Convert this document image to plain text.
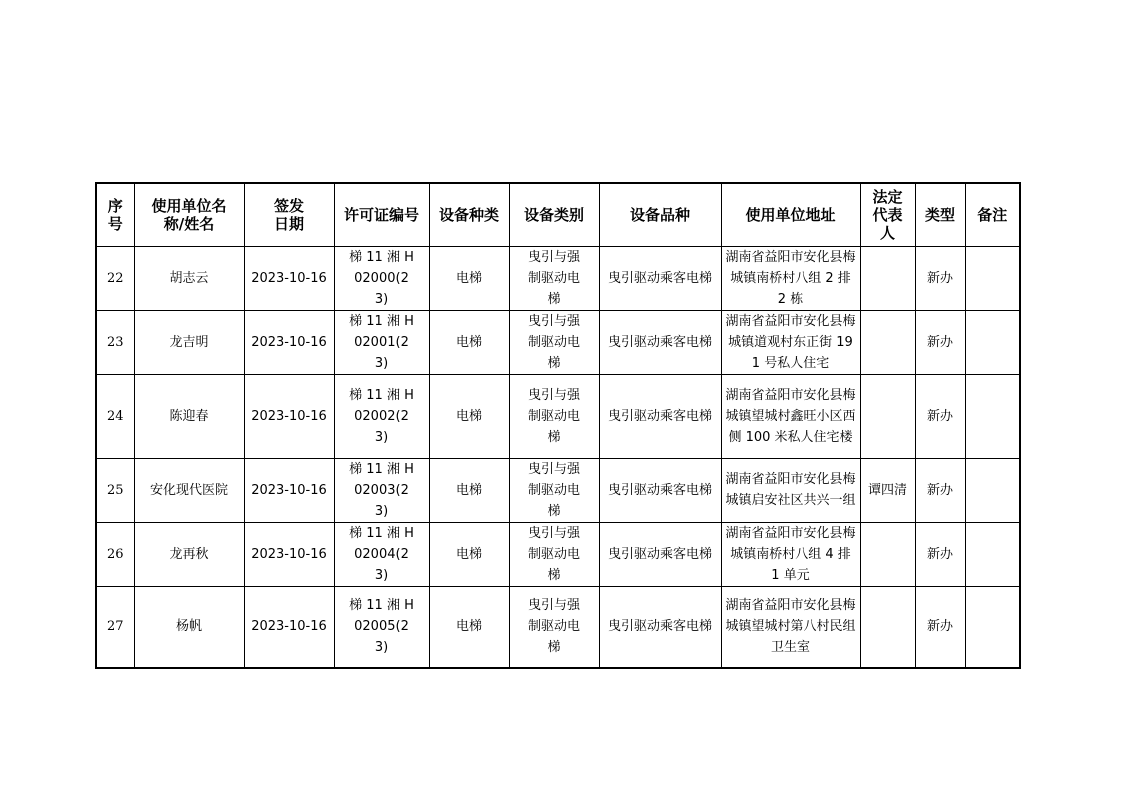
序号	使用单位名称/姓名	签发日期	许可证编号	设备种类	设备类别	设备品种	使用单位地址	法定代表人	类型	备注
22	胡志云	2023-10-16	梯 11 湘 H02000(23)	电梯	曳引与强制驱动电梯	曳引驱动乘客电梯	湖南省益阳市安化县梅城镇南桥村八组 2 排 2 栋		新办	
23	龙吉明	2023-10-16	梯 11 湘 H02001(23)	电梯	曳引与强制驱动电梯	曳引驱动乘客电梯	湖南省益阳市安化县梅城镇道观村东正街 191 号私人住宅		新办	
24	陈迎春	2023-10-16	梯 11 湘 H02002(23)	电梯	曳引与强制驱动电梯	曳引驱动乘客电梯	湖南省益阳市安化县梅城镇望城村鑫旺小区西侧 100 米私人住宅楼		新办	
25	安化现代医院	2023-10-16	梯 11 湘 H02003(23)	电梯	曳引与强制驱动电梯	曳引驱动乘客电梯	湖南省益阳市安化县梅城镇启安社区共兴一组	谭四清	新办	
26	龙再秋	2023-10-16	梯 11 湘 H02004(23)	电梯	曳引与强制驱动电梯	曳引驱动乘客电梯	湖南省益阳市安化县梅城镇南桥村八组 4 排 1 单元		新办	
27	杨帆	2023-10-16	梯 11 湘 H02005(23)	电梯	曳引与强制驱动电梯	曳引驱动乘客电梯	湖南省益阳市安化县梅城镇望城村第八村民组卫生室		新办	
